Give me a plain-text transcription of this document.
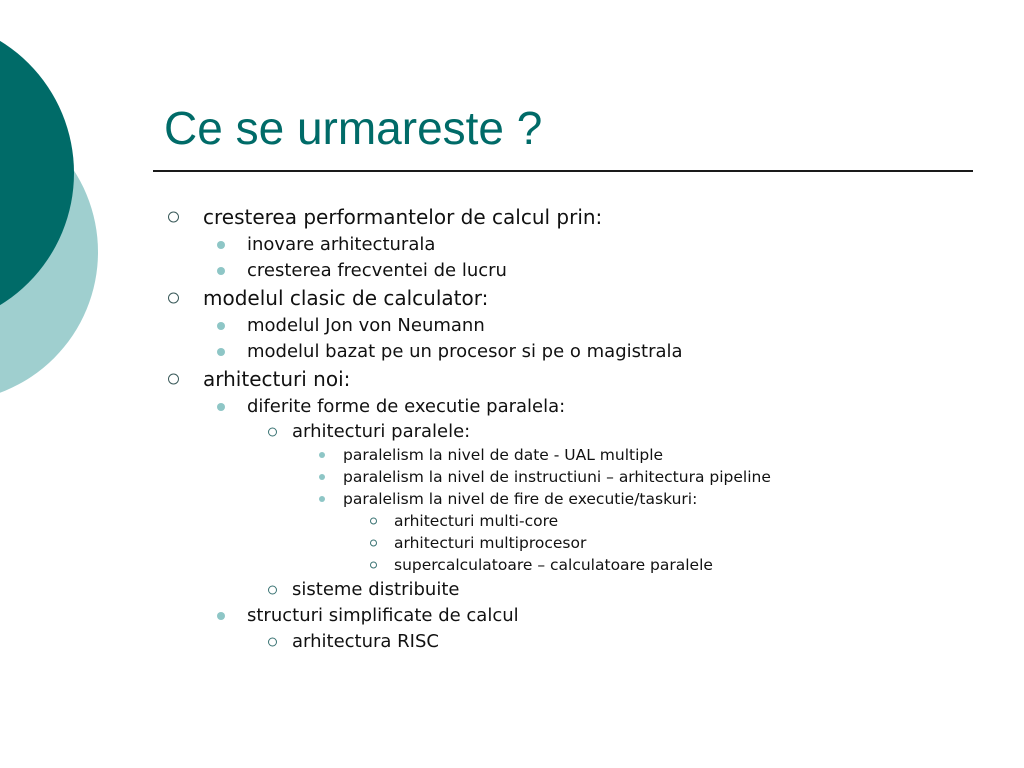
Ce se urmareste ?
cresterea performantelor de calcul prin:
inovare arhitecturala
cresterea frecventei de lucru
modelul clasic de calculator:
modelul Jon von Neumann
modelul bazat pe un procesor si pe o magistrala
arhitecturi noi:
diferite forme de executie paralela:
arhitecturi paralele:
paralelism la nivel de date - UAL multiple
paralelism la nivel de instructiuni – arhitectura pipeline
paralelism la nivel de fire de executie/taskuri:
arhitecturi multi-core
arhitecturi multiprocesor
supercalculatoare – calculatoare paralele
sisteme distribuite
structuri simplificate de calcul
arhitectura RISC
